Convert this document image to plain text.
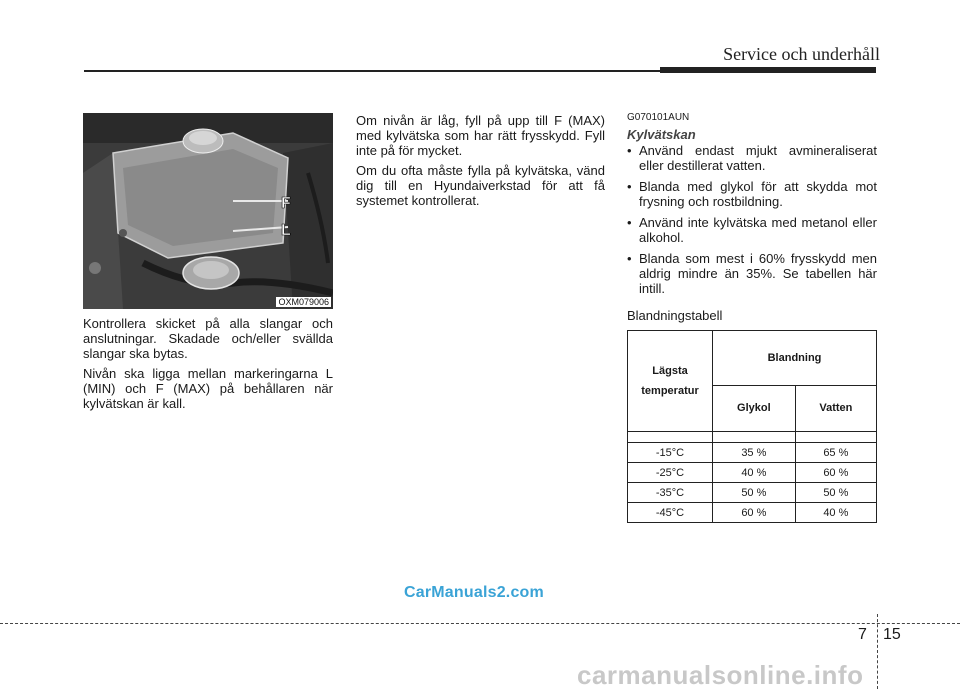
Service och underhåll
F
L
OXM079006

Kontrollera skicket på alla slangar och anslutningar. Skadade och/eller svällda slangar ska bytas.

Nivån ska ligga mellan markeringarna L (MIN) och F (MAX) på behållaren när kylvätskan är kall.

Om nivån är låg, fyll på upp till F (MAX) med kylvätska som har rätt frysskydd. Fyll inte på för mycket.

Om du ofta måste fylla på kylvätska, vänd dig till en Hyundaiverkstad för att få systemet kontrollerat.

G070101AUN
Kylvätskan
• Använd endast mjukt avmineraliserat eller destillerat vatten.
• Blanda med glykol för att skydda mot frysning och rostbildning.
• Använd inte kylvätska med metanol eller alkohol.
• Blanda som mest i 60% frysskydd men aldrig mindre än 35%. Se tabellen här intill.
Blandningstabell
Lägsta
temperatur	Blandning	
	Glykol	Vatten

-15°C	35 %	65 %
-25°C	40 %	60 %
-35°C	50 %	50 %
-45°C	60 %	40 %
CarManuals2.com
7 15
carmanualsonline.info
